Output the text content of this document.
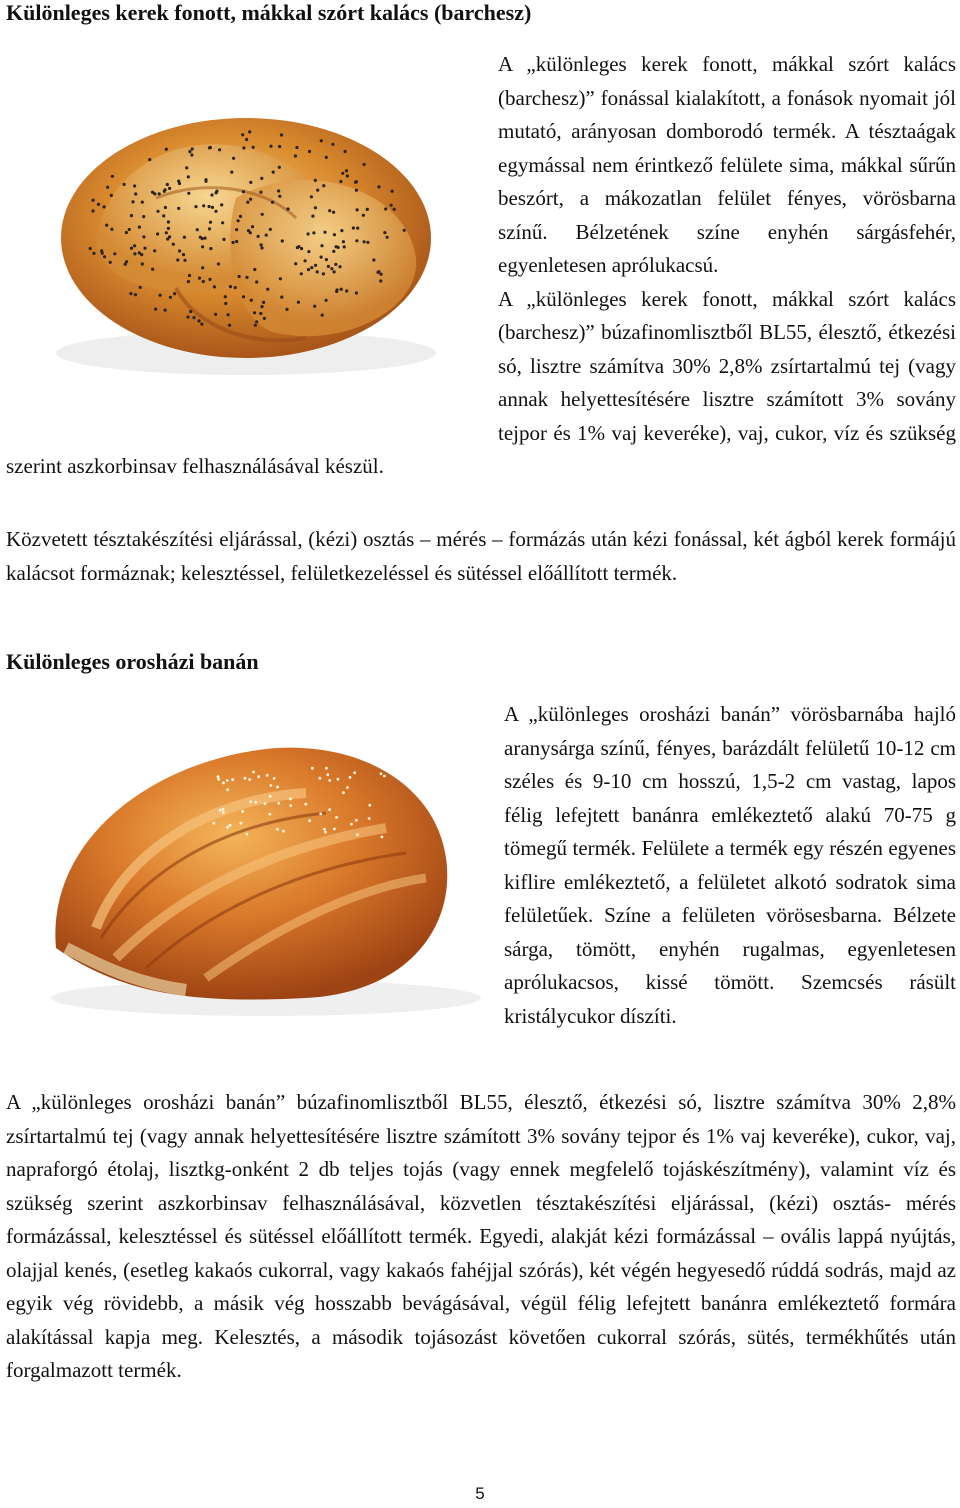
Különleges kerek fonott, mákkal szórt kalács (barchesz)

A „különleges kerek fonott, mákkal szórt kalács (barchesz)” fonással kialakított, a fonások nyomait jól mutató, arányosan domborodó termék. A tésztaágak egymással nem érintkező felülete sima, mákkal sűrűn beszórt, a mákozatlan felület fényes, vörösbarna színű. Bélzetének színe enyhén sárgásfehér, egyenletesen aprólukacsú.

A „különleges kerek fonott, mákkal szórt kalács (barchesz)” búzafinomlisztből BL55, élesztő, étkezési só, lisztre számítva 30% 2,8% zsírtartalmú tej (vagy annak helyettesítésére lisztre számított 3% sovány tejpor és 1% vaj keveréke), vaj, cukor, víz és szükség szerint aszkorbinsav felhasználásával készül.

Közvetett tésztakészítési eljárással, (kézi) osztás – mérés – formázás után kézi fonással, két ágból kerek formájú kalácsot formáznak; kelesztéssel, felületkezeléssel és sütéssel előállított termék.

Különleges orosházi banán

A „különleges orosházi banán” vörösbarnába hajló aranysárga színű, fényes, barázdált felületű 10-12 cm széles és 9-10 cm hosszú, 1,5-2 cm vastag, lapos félig lefejtett banánra emlékeztető alakú 70-75 g tömegű termék. Felülete a termék egy részén egyenes kiflire emlékeztető, a felületet alkotó sodratok sima felületűek. Színe a felületen vörösesbarna. Bélzete sárga, tömött, enyhén rugalmas, egyenletesen aprólukacsos, kissé tömött. Szemcsés rásült kristálycukor díszíti.

A „különleges orosházi banán” búzafinomlisztből BL55, élesztő, étkezési só, lisztre számítva 30% 2,8% zsírtartalmú tej (vagy annak helyettesítésére lisztre számított 3% sovány tejpor és 1% vaj keveréke), cukor, vaj, napraforgó étolaj, lisztkg-onként 2 db teljes tojás (vagy ennek megfelelő tojáskészítmény), valamint víz és szükség szerint aszkorbinsav felhasználásával, közvetlen tésztakészítési eljárással, (kézi) osztás- mérés formázással, kelesztéssel és sütéssel előállított termék. Egyedi, alakját kézi formázással – ovális lappá nyújtás, olajjal kenés, (esetleg kakaós cukorral, vagy kakaós fahéjjal szórás), két végén hegyesedő rúddá sodrás, majd az egyik vég rövidebb, a másik vég hosszabb bevágásával, végül félig lefejtett banánra emlékeztető formára alakítással kapja meg. Kelesztés, a második tojásozást követően cukorral szórás, sütés, termékhűtés után forgalmazott termék.

5
